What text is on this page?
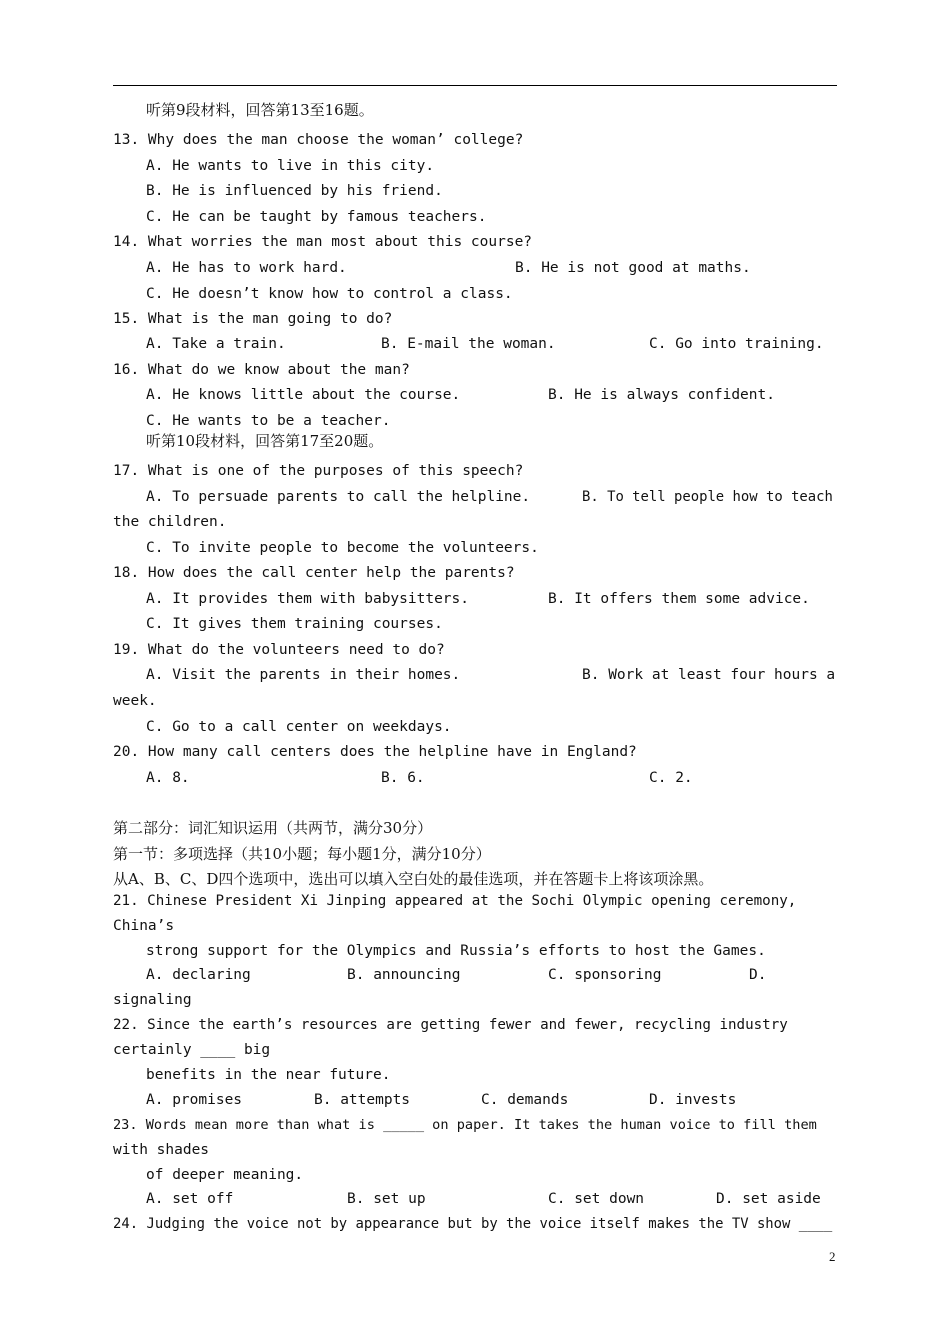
听第9段材料，回答第13至16题。
13. Why does the man choose the woman’ college?
A. He wants to live in this city.
B. He is influenced by his friend.
C. He can be taught by famous teachers.
14. What worries the man most about this course?
A. He has to work hard.	B. He is not good at maths.
C. He doesn’t know how to control a class.
15. What is the man going to do?
A. Take a train.	B. E-mail the woman.	C. Go into training.
16. What do we know about the man?
A. He knows little about the course.	B. He is always confident.
C. He wants to be a teacher.
听第10段材料，回答第17至20题。
17. What is one of the purposes of this speech?
A. To persuade parents to call the helpline.	B. To tell people how to teach
the children.
C. To invite people to become the volunteers.
18. How does the call center help the parents?
A. It provides them with babysitters.	B. It offers them some advice.
C. It gives them training courses.
19. What do the volunteers need to do?
A. Visit the parents in their homes.	B. Work at least four hours a
week.
C. Go to a call center on weekdays.
20. How many call centers does the helpline have in England?
A. 8.	B. 6.	C. 2.
第二部分：词汇知识运用（共两节，满分30分）
第一节：多项选择（共10小题；每小题1分，满分10分）
从A、B、C、D四个选项中，选出可以填入空白处的最佳选项，并在答题卡上将该项涂黑。
21. Chinese President Xi Jinping appeared at the Sochi Olympic opening ceremony,
China’s
strong support for the Olympics and Russia’s efforts to host the Games.
A. declaring	B. announcing	C. sponsoring	D.
signaling
22. Since the earth’s resources are getting fewer and fewer, recycling industry
certainly ____ big
benefits in the near future.
A. promises	B. attempts	C. demands	D. invests
23. Words mean more than what is _____ on paper. It takes the human voice to fill them
with shades
of deeper meaning.
A. set off	B. set up	C. set down	D. set aside
24. Judging the voice not by appearance but by the voice itself makes the TV show ____
2
